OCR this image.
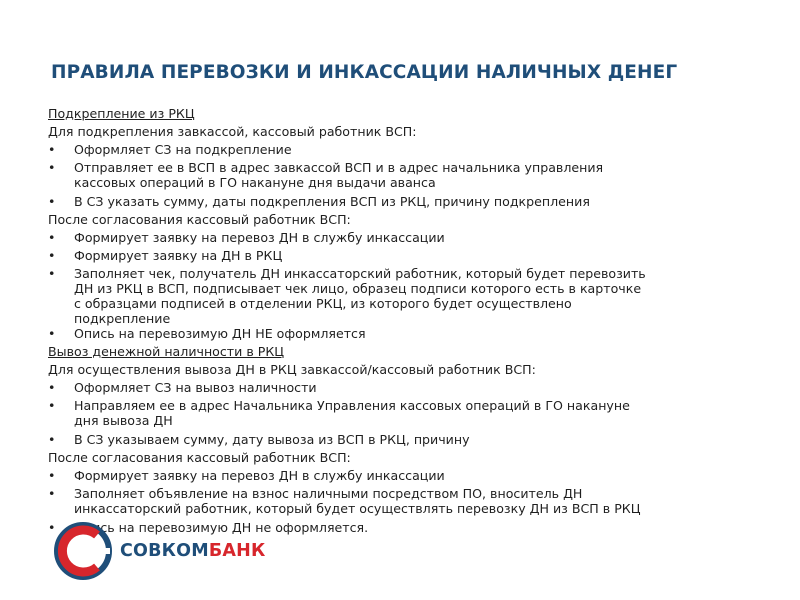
ПРАВИЛА ПЕРЕВОЗКИ И ИНКАССАЦИИ НАЛИЧНЫХ ДЕНЕГ

Подкрепление из РКЦ

Для подкрепления завкассой, кассовый работник ВСП:

•	Оформляет СЗ на подкрепление
•	Отправляет ее в ВСП в адрес завкассой ВСП и в адрес начальника управления
кассовых операций в ГО накануне дня выдачи аванса
•	В СЗ указать сумму, даты подкрепления ВСП из РКЦ, причину подкрепления

После согласования кассовый работник ВСП:

•	Формирует заявку на перевоз ДН в службу инкассации
•	Формирует заявку на ДН в РКЦ
•	Заполняет чек, получатель ДН инкассаторский работник, который будет перевозить
ДН из РКЦ в ВСП, подписывает чек лицо, образец подписи которого есть в карточке
с образцами подписей в отделении РКЦ, из которого будет осуществлено
подкрепление
•	Опись на перевозимую ДН НЕ оформляется

Вывоз денежной наличности в РКЦ

Для осуществления вывоза ДН в РКЦ завкассой/кассовый работник ВСП:

•	Оформляет СЗ на вывоз наличности
•	Направляем ее в адрес Начальника Управления кассовых операций в ГО накануне
дня вывоза ДН
•	В СЗ указываем сумму, дату вывоза из ВСП в РКЦ, причину

После согласования кассовый работник ВСП:

•	Формирует заявку на перевоз ДН в службу инкассации
•	Заполняет объявление на взнос наличными посредством ПО, вноситель ДН
инкассаторский работник, который будет осуществлять перевозку ДН из ВСП в РКЦ
•	Опись на перевозимую ДН не оформляется.
СОВКОМ БАНК
